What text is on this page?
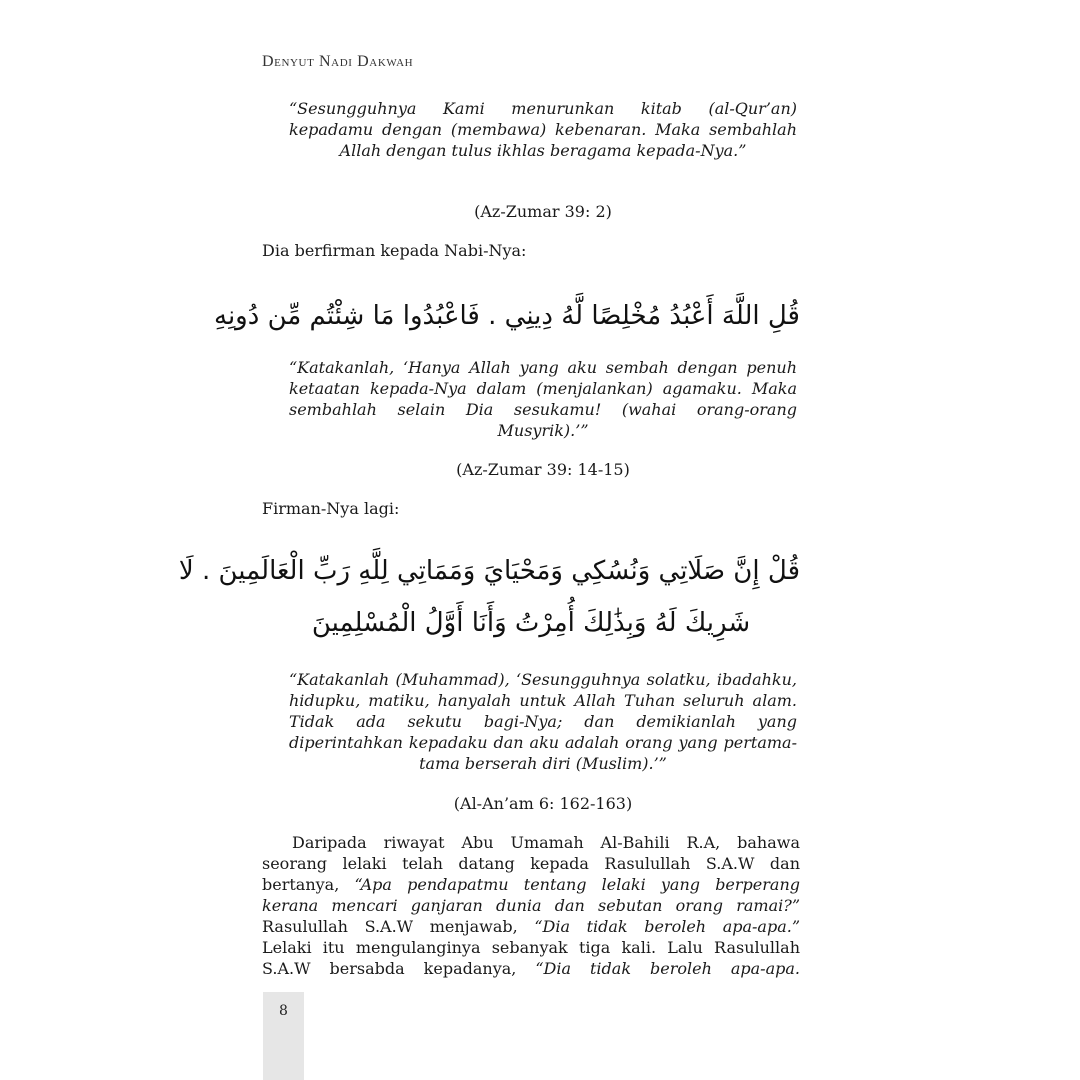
Denyut Nadi Dakwah
“Sesungguhnya Kami menurunkan kitab (al-Qur’an) kepadamu dengan (membawa) kebenaran. Maka sembahlah Allah dengan tulus ikhlas beragama kepada-Nya.”
(Az-Zumar 39: 2)
Dia berfirman kepada Nabi-Nya:
قُلِ اللَّهَ أَعْبُدُ مُخْلِصًا لَّهُ دِينِي . فَاعْبُدُوا مَا شِئْتُم مِّن دُونِهِ
“Katakanlah, ‘Hanya Allah yang aku sembah dengan penuh ketaatan kepada-Nya dalam (menjalankan) agamaku. Maka sembahlah selain Dia sesukamu! (wahai orang-orang Musyrik).’”
(Az-Zumar 39: 14-15)
Firman-Nya lagi:
قُلْ إِنَّ صَلَاتِي وَنُسُكِي وَمَحْيَايَ وَمَمَاتِي لِلَّهِ رَبِّ الْعَالَمِينَ . لَا
شَرِيكَ لَهُ وَبِذَٰلِكَ أُمِرْتُ وَأَنَا أَوَّلُ الْمُسْلِمِينَ
“Katakanlah (Muhammad), ‘Sesungguhnya solatku, ibadahku, hidupku, matiku, hanyalah untuk Allah Tuhan seluruh alam. Tidak ada sekutu bagi-Nya; dan demikianlah yang diperintahkan kepadaku dan aku adalah orang yang pertama-tama berserah diri (Muslim).’”
(Al-An’am 6: 162-163)
Daripada riwayat Abu Umamah Al-Bahili R.A, bahawa
seorang lelaki telah datang kepada Rasulullah S.A.W dan
bertanya, “Apa pendapatmu tentang lelaki yang berperang
kerana mencari ganjaran dunia dan sebutan orang ramai?”
Rasulullah S.A.W menjawab, “Dia tidak beroleh apa-apa.”
Lelaki itu mengulanginya sebanyak tiga kali. Lalu Rasulullah
S.A.W bersabda kepadanya, “Dia tidak beroleh apa-apa.
8
